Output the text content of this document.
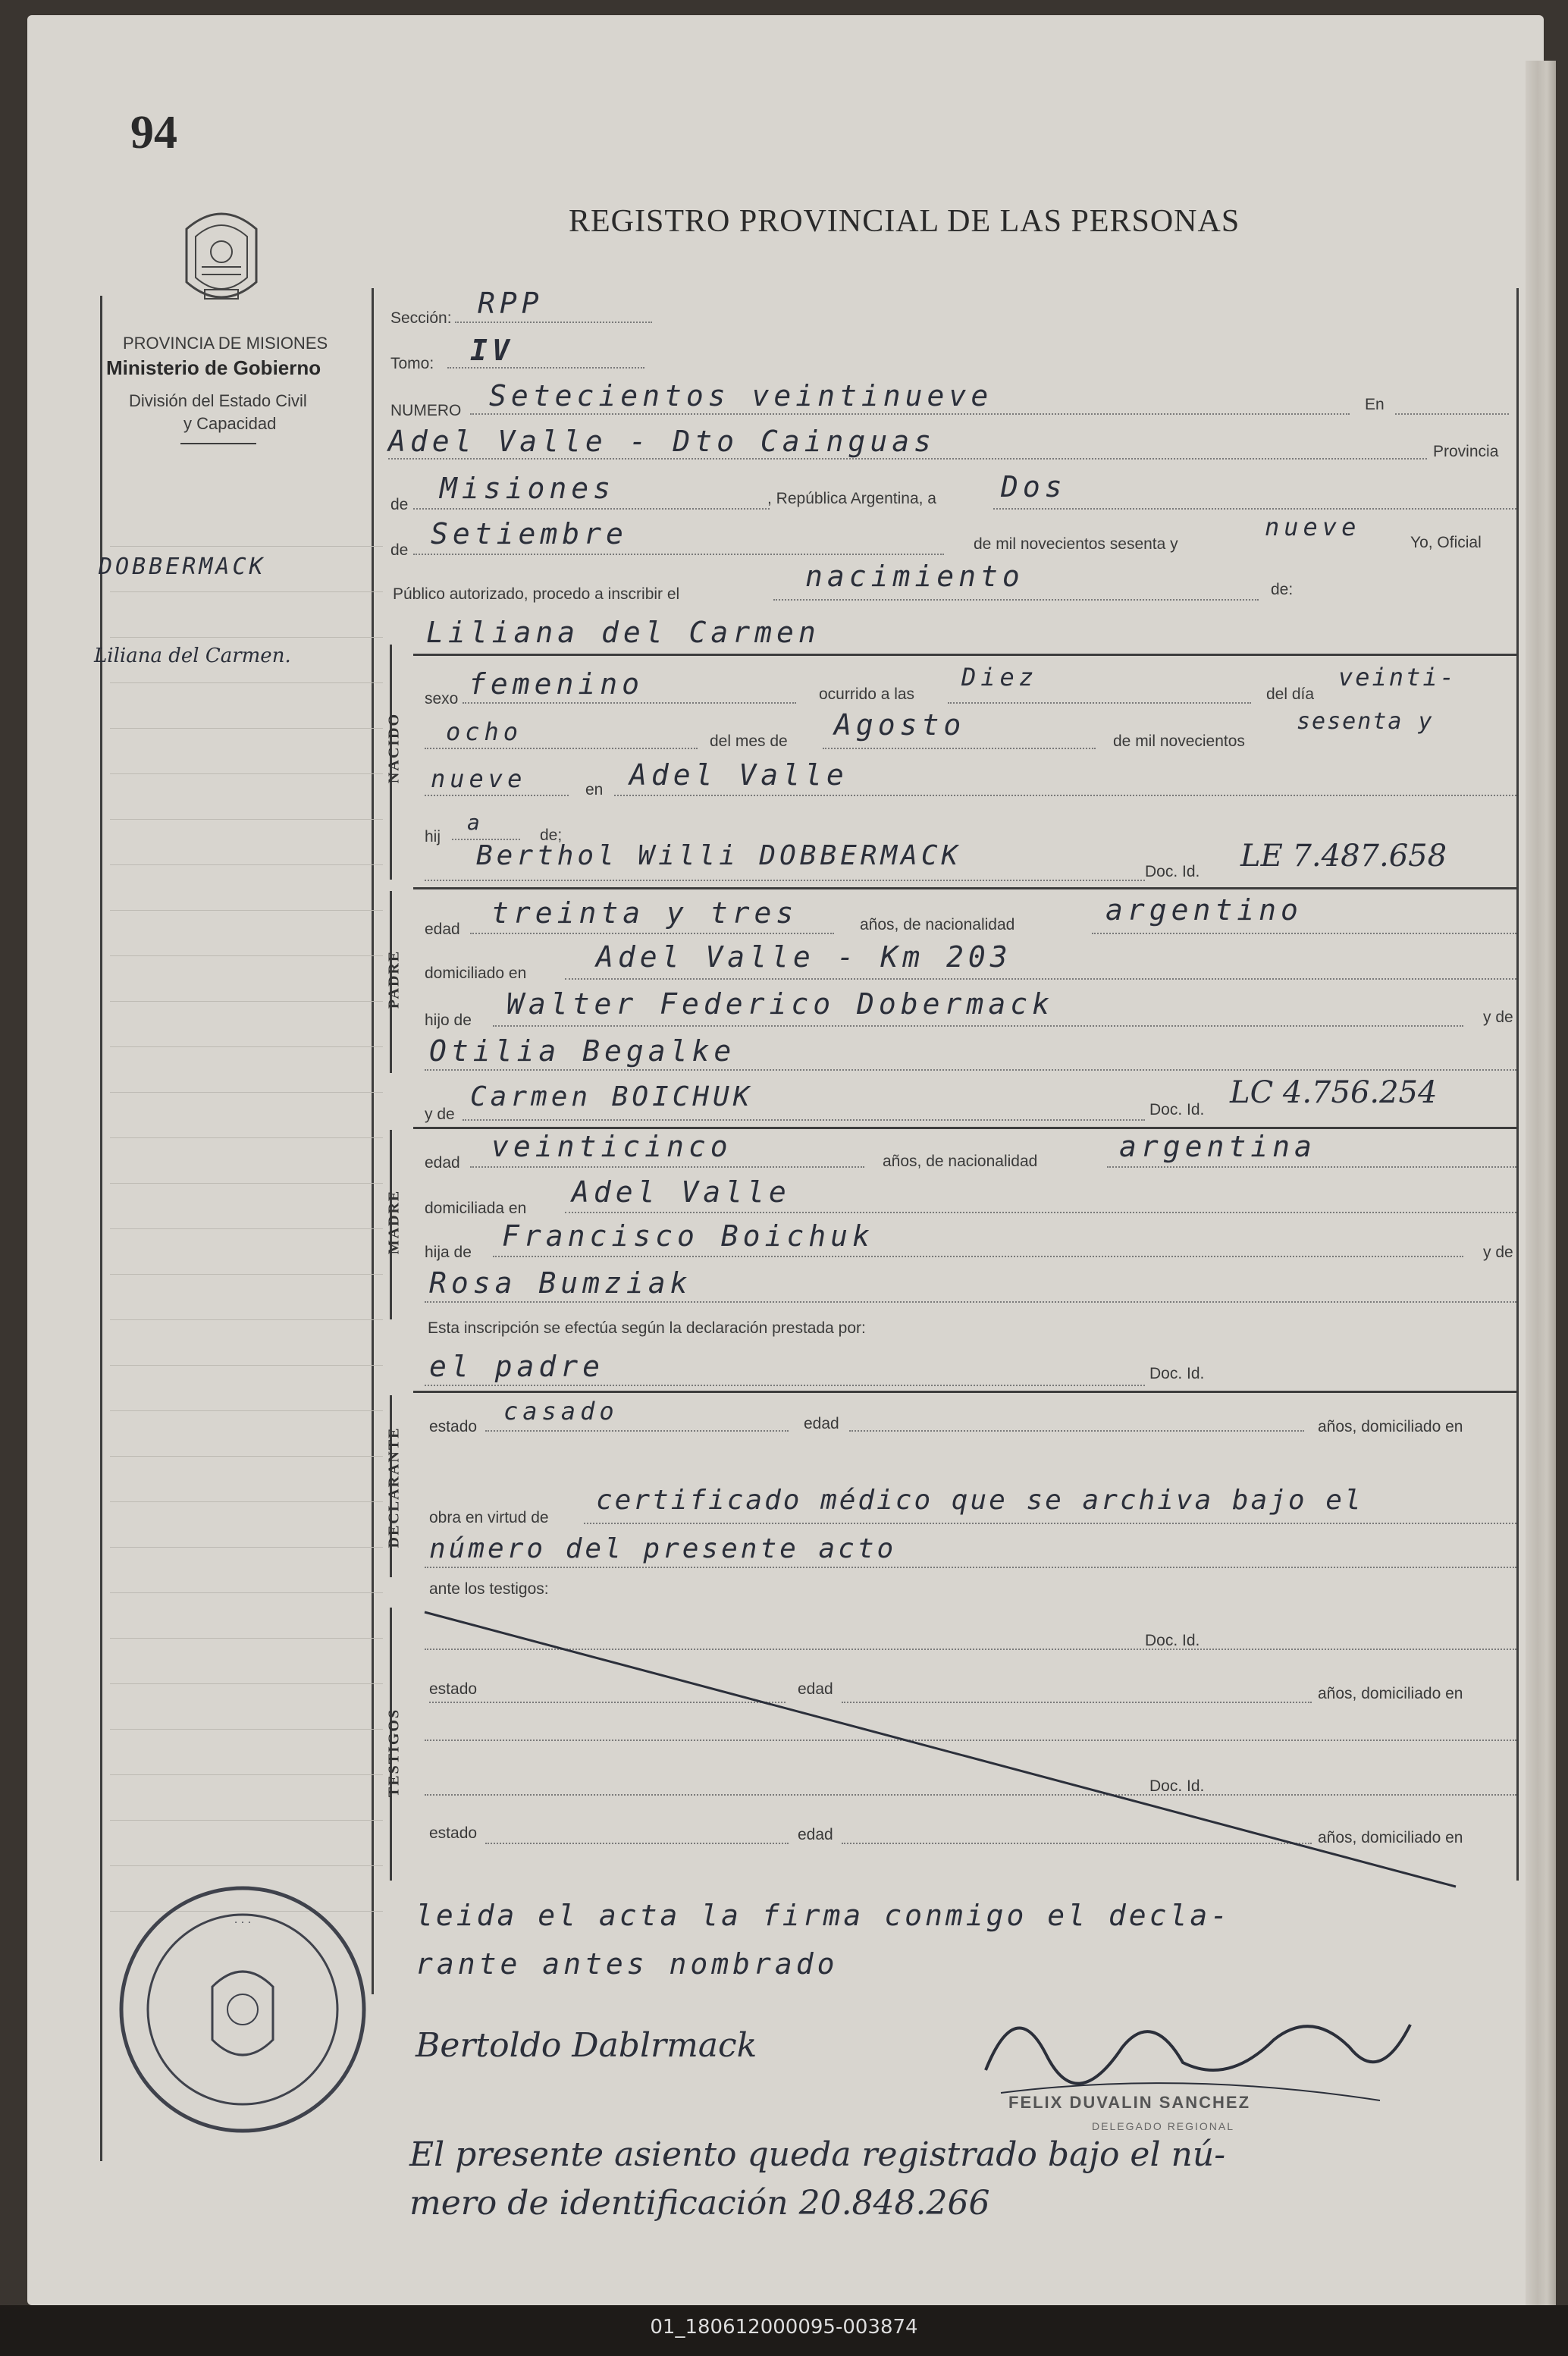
94
REGISTRO PROVINCIAL DE LAS PERSONAS
PROVINCIA DE MISIONES
Ministerio de Gobierno
División del Estado Civil
y Capacidad
DOBBERMACK
Liliana del Carmen.
Sección: RPP
Tomo: IV
NUMERO Setecientos veintinueve	En
Adel Valle - Dto Cainguas	Provincia
de Misiones	, República Argentina, a Dos
de Setiembre	de mil novecientos sesenta y
nueve
Yo, Oficial
Público autorizado, procedo a inscribir el
nacimiento	de:
NACIDO
Liliana del Carmen
sexo femenino	ocurrido a las
Diez
del día
veinti-
ocho	del mes de Agosto	de mil novecientos
sesenta y
nueve	en Adel Valle
hij
a
de;
Berthol Willi DOBBERMACK
Doc. Id. LE 7.487.658
PADRE
edad treinta y tres	años, de nacionalidad	argentino
domiciliado en Adel Valle - Km 203
hijo de Walter Federico Dobermack	y de
Otilia Begalke
y de
Carmen BOICHUK	Doc. Id. LC 4.756.254
MADRE
edad veinticinco	años, de nacionalidad	argentina
domiciliada en Adel Valle
hija de Francisco Boichuk	y de
Rosa Bumziak
Esta inscripción se efectúa según la declaración prestada por:
el padre	Doc. Id.
DECLARANTE estado
casado	edad	años, domiciliado en
obra en virtud de
certificado médico que se archiva bajo el
número del presente acto
ante los testigos:
TESTIGOS
Doc. Id.
estado	edad	años, domiciliado en
Doc. Id.
estado	edad	años, domiciliado en
leida el acta la firma conmigo el decla-
rante antes nombrado
Bertoldo Dablrmack
FELIX DUVALIN SANCHEZ
DELEGADO REGIONAL
El presente asiento queda registrado bajo el nú-
mero de identificación 20.848.266
· · ·
01_180612000095-003874
